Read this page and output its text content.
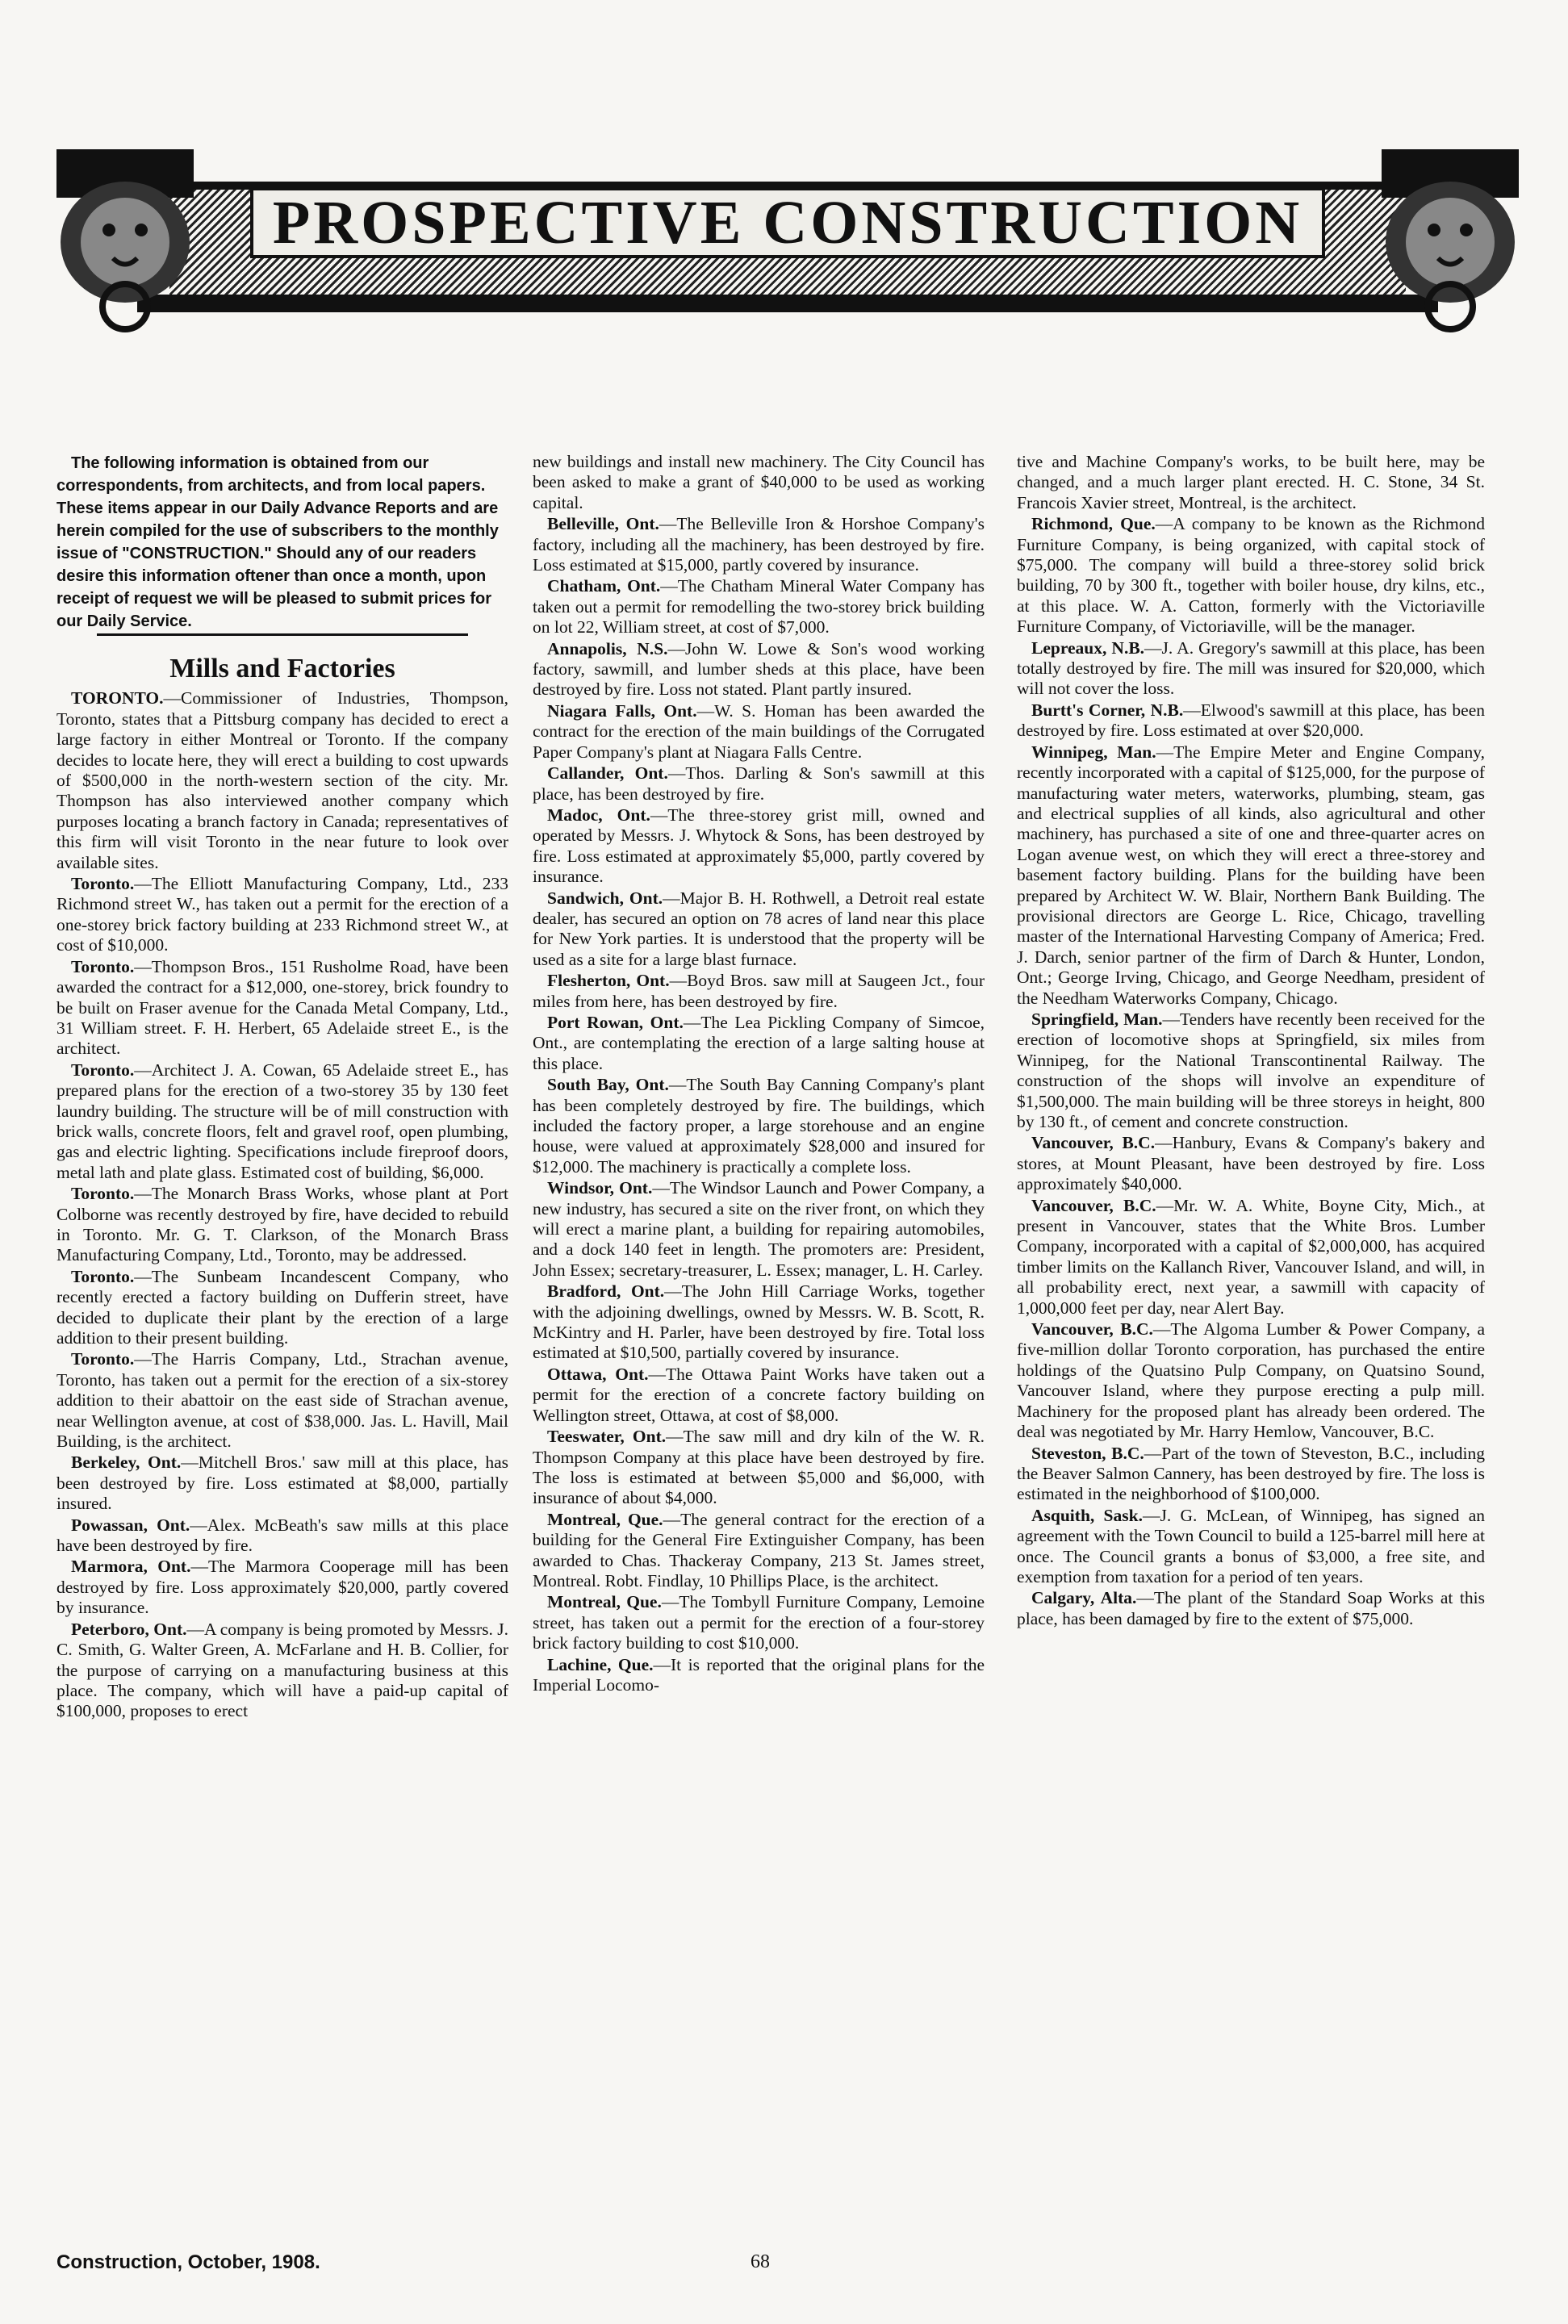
PROSPECTIVE CONSTRUCTION

The following information is obtained from our correspondents, from architects, and from local papers. These items appear in our Daily Advance Reports and are herein compiled for the use of subscribers to the monthly issue of "CONSTRUCTION." Should any of our readers desire this information oftener than once a month, upon receipt of request we will be pleased to submit prices for our Daily Service.

Mills and Factories

TORONTO.—Commissioner of Industries, Thompson, Toronto, states that a Pittsburg company has decided to erect a large factory in either Montreal or Toronto. If the company decides to locate here, they will erect a building to cost upwards of $500,000 in the north-western section of the city. Mr. Thompson has also interviewed another company which purposes locating a branch factory in Canada; representatives of this firm will visit Toronto in the near future to look over available sites.

Toronto.—The Elliott Manufacturing Company, Ltd., 233 Richmond street W., has taken out a permit for the erection of a one-storey brick factory building at 233 Richmond street W., at cost of $10,000.

Toronto.—Thompson Bros., 151 Rusholme Road, have been awarded the contract for a $12,000, one-storey, brick foundry to be built on Fraser avenue for the Canada Metal Company, Ltd., 31 William street. F. H. Herbert, 65 Adelaide street E., is the architect.

Toronto.—Architect J. A. Cowan, 65 Adelaide street E., has prepared plans for the erection of a two-storey 35 by 130 feet laundry building. The structure will be of mill construction with brick walls, concrete floors, felt and gravel roof, open plumbing, gas and electric lighting. Specifications include fireproof doors, metal lath and plate glass. Estimated cost of building, $6,000.

Toronto.—The Monarch Brass Works, whose plant at Port Colborne was recently destroyed by fire, have decided to rebuild in Toronto. Mr. G. T. Clarkson, of the Monarch Brass Manufacturing Company, Ltd., Toronto, may be addressed.

Toronto.—The Sunbeam Incandescent Company, who recently erected a factory building on Dufferin street, have decided to duplicate their plant by the erection of a large addition to their present building.

Toronto.—The Harris Company, Ltd., Strachan avenue, Toronto, has taken out a permit for the erection of a six-storey addition to their abattoir on the east side of Strachan avenue, near Wellington avenue, at cost of $38,000. Jas. L. Havill, Mail Building, is the architect.

Berkeley, Ont.—Mitchell Bros.' saw mill at this place, has been destroyed by fire. Loss estimated at $8,000, partially insured.

Powassan, Ont.—Alex. McBeath's saw mills at this place have been destroyed by fire.

Marmora, Ont.—The Marmora Cooperage mill has been destroyed by fire. Loss approximately $20,000, partly covered by insurance.

Peterboro, Ont.—A company is being promoted by Messrs. J. C. Smith, G. Walter Green, A. McFarlane and H. B. Collier, for the purpose of carrying on a manufacturing business at this place. The company, which will have a paid-up capital of $100,000, proposes to erect

new buildings and install new machinery. The City Council has been asked to make a grant of $40,000 to be used as working capital.

Belleville, Ont.—The Belleville Iron & Horshoe Company's factory, including all the machinery, has been destroyed by fire. Loss estimated at $15,000, partly covered by insurance.

Chatham, Ont.—The Chatham Mineral Water Company has taken out a permit for remodelling the two-storey brick building on lot 22, William street, at cost of $7,000.

Annapolis, N.S.—John W. Lowe & Son's wood working factory, sawmill, and lumber sheds at this place, have been destroyed by fire. Loss not stated. Plant partly insured.

Niagara Falls, Ont.—W. S. Homan has been awarded the contract for the erection of the main buildings of the Corrugated Paper Company's plant at Niagara Falls Centre.

Callander, Ont.—Thos. Darling & Son's sawmill at this place, has been destroyed by fire.

Madoc, Ont.—The three-storey grist mill, owned and operated by Messrs. J. Whytock & Sons, has been destroyed by fire. Loss estimated at approximately $5,000, partly covered by insurance.

Sandwich, Ont.—Major B. H. Rothwell, a Detroit real estate dealer, has secured an option on 78 acres of land near this place for New York parties. It is understood that the property will be used as a site for a large blast furnace.

Flesherton, Ont.—Boyd Bros. saw mill at Saugeen Jct., four miles from here, has been destroyed by fire.

Port Rowan, Ont.—The Lea Pickling Company of Simcoe, Ont., are contemplating the erection of a large salting house at this place.

South Bay, Ont.—The South Bay Canning Company's plant has been completely destroyed by fire. The buildings, which included the factory proper, a large storehouse and an engine house, were valued at approximately $28,000 and insured for $12,000. The machinery is practically a complete loss.

Windsor, Ont.—The Windsor Launch and Power Company, a new industry, has secured a site on the river front, on which they will erect a marine plant, a building for repairing automobiles, and a dock 140 feet in length. The promoters are: President, John Essex; secretary-treasurer, L. Essex; manager, L. H. Carley.

Bradford, Ont.—The John Hill Carriage Works, together with the adjoining dwellings, owned by Messrs. W. B. Scott, R. McKintry and H. Parler, have been destroyed by fire. Total loss estimated at $10,500, partially covered by insurance.

Ottawa, Ont.—The Ottawa Paint Works have taken out a permit for the erection of a concrete factory building on Wellington street, Ottawa, at cost of $8,000.

Teeswater, Ont.—The saw mill and dry kiln of the W. R. Thompson Company at this place have been destroyed by fire. The loss is estimated at between $5,000 and $6,000, with insurance of about $4,000.

Montreal, Que.—The general contract for the erection of a building for the General Fire Extinguisher Company, has been awarded to Chas. Thackeray Company, 213 St. James street, Montreal. Robt. Findlay, 10 Phillips Place, is the architect.

Montreal, Que.—The Tombyll Furniture Company, Lemoine street, has taken out a permit for the erection of a four-storey brick factory building to cost $10,000.

Lachine, Que.—It is reported that the original plans for the Imperial Locomo-

tive and Machine Company's works, to be built here, may be changed, and a much larger plant erected. H. C. Stone, 34 St. Francois Xavier street, Montreal, is the architect.

Richmond, Que.—A company to be known as the Richmond Furniture Company, is being organized, with capital stock of $75,000. The company will build a three-storey solid brick building, 70 by 300 ft., together with boiler house, dry kilns, etc., at this place. W. A. Catton, formerly with the Victoriaville Furniture Company, of Victoriaville, will be the manager.

Lepreaux, N.B.—J. A. Gregory's sawmill at this place, has been totally destroyed by fire. The mill was insured for $20,000, which will not cover the loss.

Burtt's Corner, N.B.—Elwood's sawmill at this place, has been destroyed by fire. Loss estimated at over $20,000.

Winnipeg, Man.—The Empire Meter and Engine Company, recently incorporated with a capital of $125,000, for the purpose of manufacturing water meters, waterworks, plumbing, steam, gas and electrical supplies of all kinds, also agricultural and other machinery, has purchased a site of one and three-quarter acres on Logan avenue west, on which they will erect a three-storey and basement factory building. Plans for the building have been prepared by Architect W. W. Blair, Northern Bank Building. The provisional directors are George L. Rice, Chicago, travelling master of the International Harvesting Company of America; Fred. J. Darch, senior partner of the firm of Darch & Hunter, London, Ont.; George Irving, Chicago, and George Needham, president of the Needham Waterworks Company, Chicago.

Springfield, Man.—Tenders have recently been received for the erection of locomotive shops at Springfield, six miles from Winnipeg, for the National Transcontinental Railway. The construction of the shops will involve an expenditure of $1,500,000. The main building will be three storeys in height, 800 by 130 ft., of cement and concrete construction.

Vancouver, B.C.—Hanbury, Evans & Company's bakery and stores, at Mount Pleasant, have been destroyed by fire. Loss approximately $40,000.

Vancouver, B.C.—Mr. W. A. White, Boyne City, Mich., at present in Vancouver, states that the White Bros. Lumber Company, incorporated with a capital of $2,000,000, has acquired timber limits on the Kallanch River, Vancouver Island, and will, in all probability erect, next year, a sawmill with capacity of 1,000,000 feet per day, near Alert Bay.

Vancouver, B.C.—The Algoma Lumber & Power Company, a five-million dollar Toronto corporation, has purchased the entire holdings of the Quatsino Pulp Company, on Quatsino Sound, Vancouver Island, where they purpose erecting a pulp mill. Machinery for the proposed plant has already been ordered. The deal was negotiated by Mr. Harry Hemlow, Vancouver, B.C.

Steveston, B.C.—Part of the town of Steveston, B.C., including the Beaver Salmon Cannery, has been destroyed by fire. The loss is estimated in the neighborhood of $100,000.

Asquith, Sask.—J. G. McLean, of Winnipeg, has signed an agreement with the Town Council to build a 125-barrel mill here at once. The Council grants a bonus of $3,000, a free site, and exemption from taxation for a period of ten years.

Calgary, Alta.—The plant of the Standard Soap Works at this place, has been damaged by fire to the extent of $75,000.

Construction, October, 1908.	68
